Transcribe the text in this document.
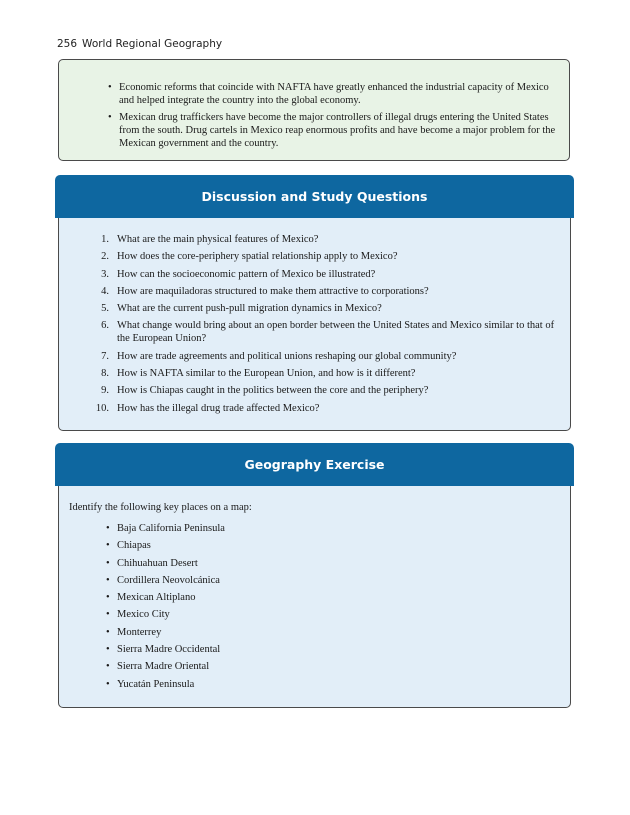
256 World Regional Geography
• Economic reforms that coincide with NAFTA have greatly enhanced the industrial capacity of Mexico and helped integrate the country into the global economy.
• Mexican drug traffickers have become the major controllers of illegal drugs entering the United States from the south. Drug cartels in Mexico reap enormous profits and have become a major problem for the Mexican government and the country.
Discussion and Study Questions
1. What are the main physical features of Mexico?
2. How does the core-periphery spatial relationship apply to Mexico?
3. How can the socioeconomic pattern of Mexico be illustrated?
4. How are maquiladoras structured to make them attractive to corporations?
5. What are the current push-pull migration dynamics in Mexico?
6. What change would bring about an open border between the United States and Mexico similar to that of the European Union?
7. How are trade agreements and political unions reshaping our global community?
8. How is NAFTA similar to the European Union, and how is it different?
9. How is Chiapas caught in the politics between the core and the periphery?
10. How has the illegal drug trade affected Mexico?
Geography Exercise
Identify the following key places on a map:
• Baja California Peninsula
• Chiapas
• Chihuahuan Desert
• Cordillera Neovolcánica
• Mexican Altiplano
• Mexico City
• Monterrey
• Sierra Madre Occidental
• Sierra Madre Oriental
• Yucatán Peninsula
